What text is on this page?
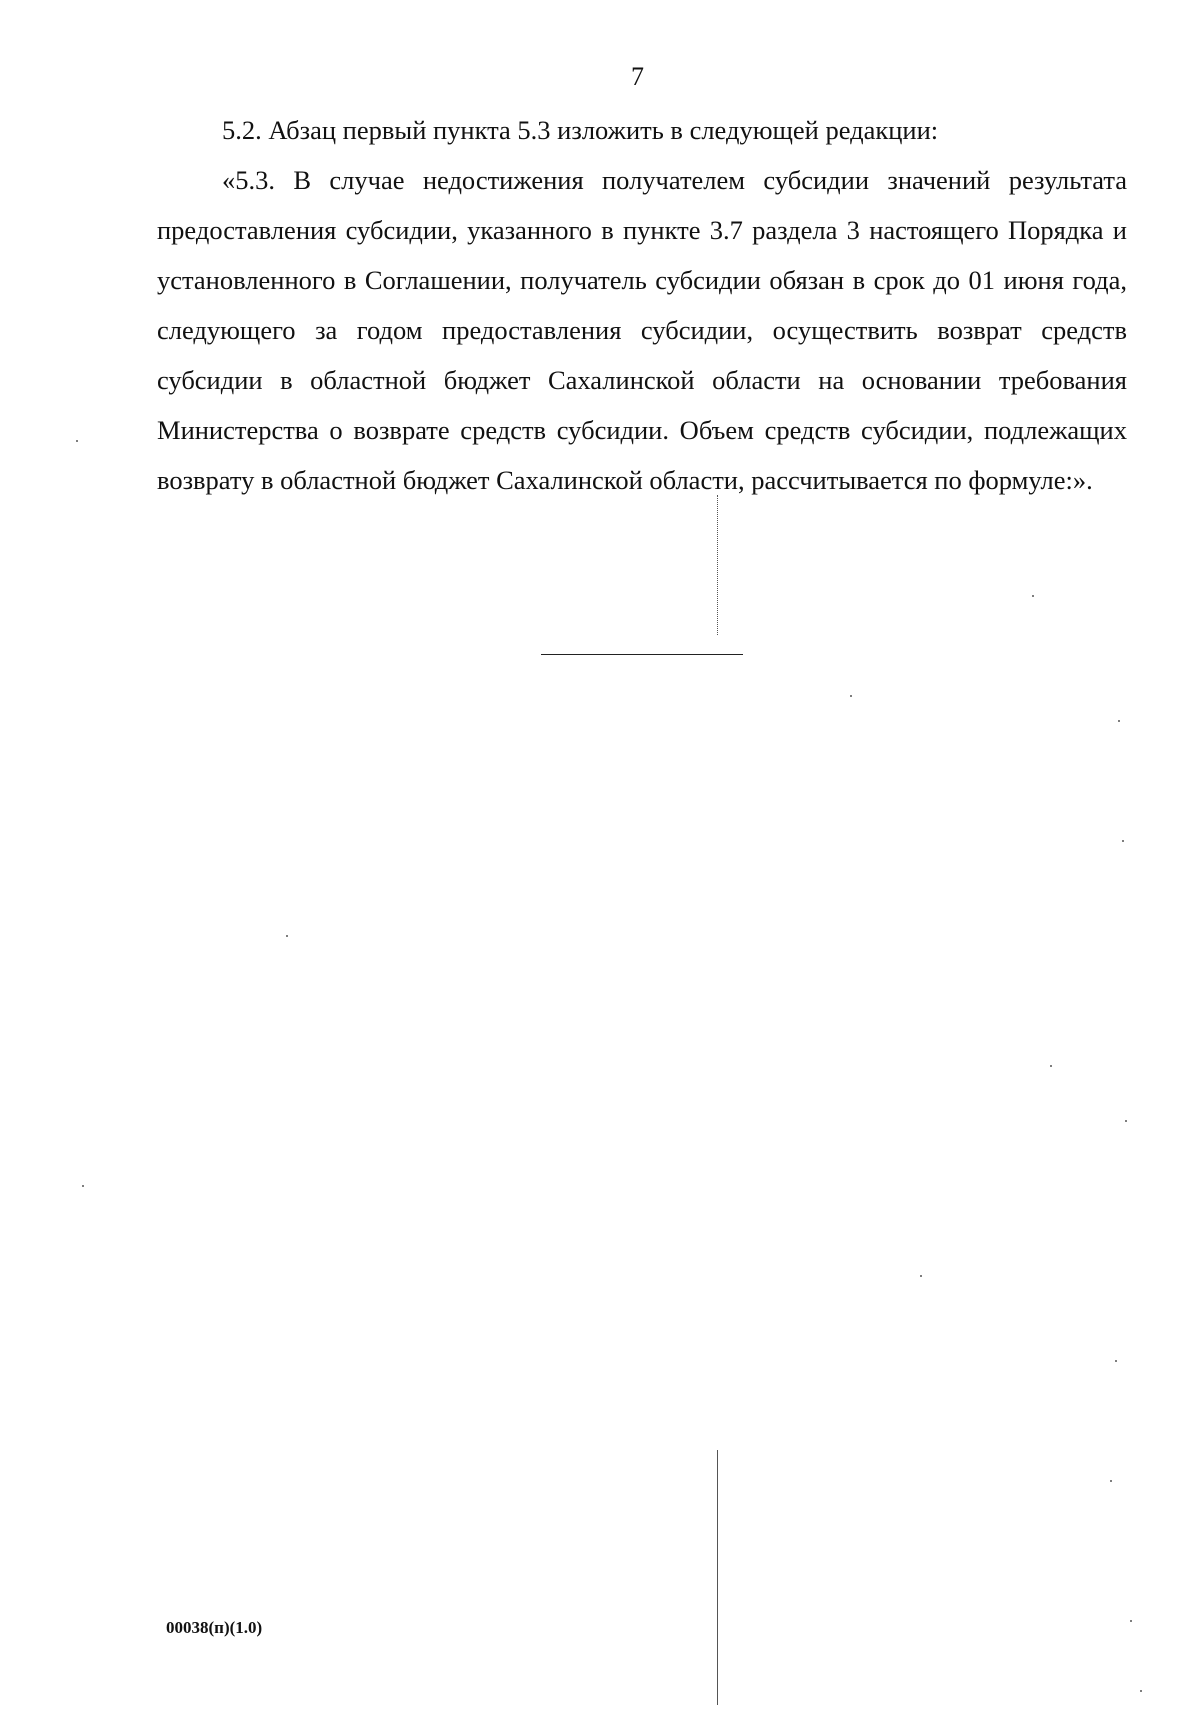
7

5.2. Абзац первый пункта 5.3 изложить в следующей редакции:

«5.3. В случае недостижения получателем субсидии значений результата предоставления субсидии, указанного в пункте 3.7 раздела 3 настоящего Порядка и установленного в Соглашении, получатель субсидии обязан в срок до 01 июня года, следующего за годом предоставления субсидии, осуществить возврат средств субсидии в областной бюджет Сахалинской области на основании требования Министерства о возврате средств субсидии. Объем средств субсидии, подлежащих возврату в областной бюджет Сахалинской области, рассчитывается по формуле:».

00038(п)(1.0)
